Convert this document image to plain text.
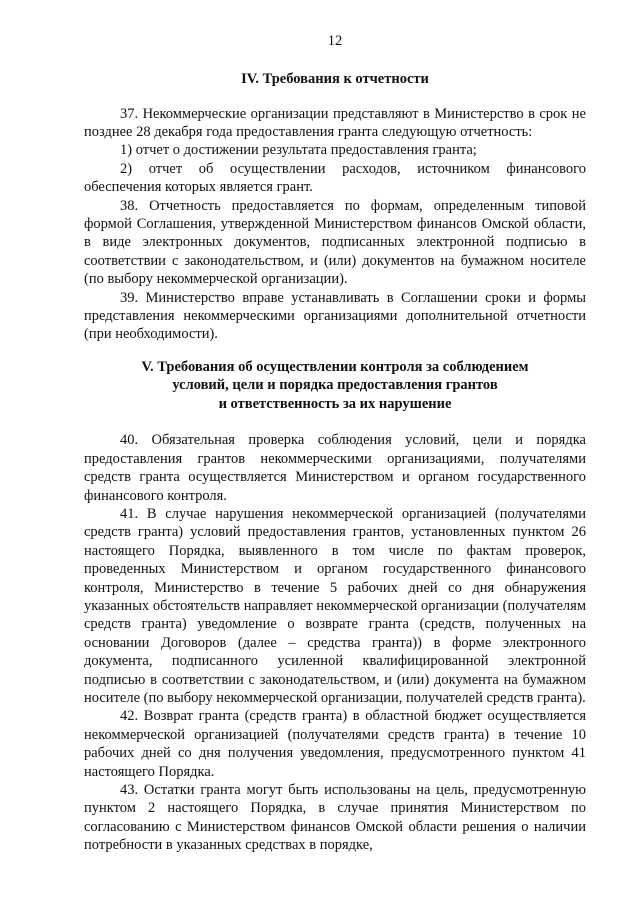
12
IV. Требования к отчетности

37. Некоммерческие организации представляют в Министерство в срок не позднее 28 декабря года предоставления гранта следующую отчетность:

1) отчет о достижении результата предоставления гранта;

2) отчет об осуществлении расходов, источником финансового обеспечения которых является грант.

38. Отчетность предоставляется по формам, определенным типовой формой Соглашения, утвержденной Министерством финансов Омской области, в виде электронных документов, подписанных электронной подписью в соответствии с законодательством, и (или) документов на бумажном носителе (по выбору некоммерческой организации).

39. Министерство вправе устанавливать в Соглашении сроки и формы представления некоммерческими организациями дополнительной отчетности (при необходимости).

V. Требования об осуществлении контроля за соблюдением
условий, цели и порядка предоставления грантов
и ответственность за их нарушение

40. Обязательная проверка соблюдения условий, цели и порядка предоставления грантов некоммерческими организациями, получателями средств гранта осуществляется Министерством и органом государственного финансового контроля.

41. В случае нарушения некоммерческой организацией (получателями средств гранта) условий предоставления грантов, установленных пунктом 26 настоящего Порядка, выявленного в том числе по фактам проверок, проведенных Министерством и органом государственного финансового контроля, Министерство в течение 5 рабочих дней со дня обнаружения указанных обстоятельств направляет некоммерческой организации (получателям средств гранта) уведомление о возврате гранта (средств, полученных на основании Договоров (далее – средства гранта)) в форме электронного документа, подписанного усиленной квалифицированной электронной подписью в соответствии с законодательством, и (или) документа на бумажном носителе (по выбору некоммерческой организации, получателей средств гранта).

42. Возврат гранта (средств гранта) в областной бюджет осуществляется некоммерческой организацией (получателями средств гранта) в течение 10 рабочих дней со дня получения уведомления, предусмотренного пунктом 41 настоящего Порядка.

43. Остатки гранта могут быть использованы на цель, предусмотренную пунктом 2 настоящего Порядка, в случае принятия Министерством по согласованию с Министерством финансов Омской области решения о наличии потребности в указанных средствах в порядке,
